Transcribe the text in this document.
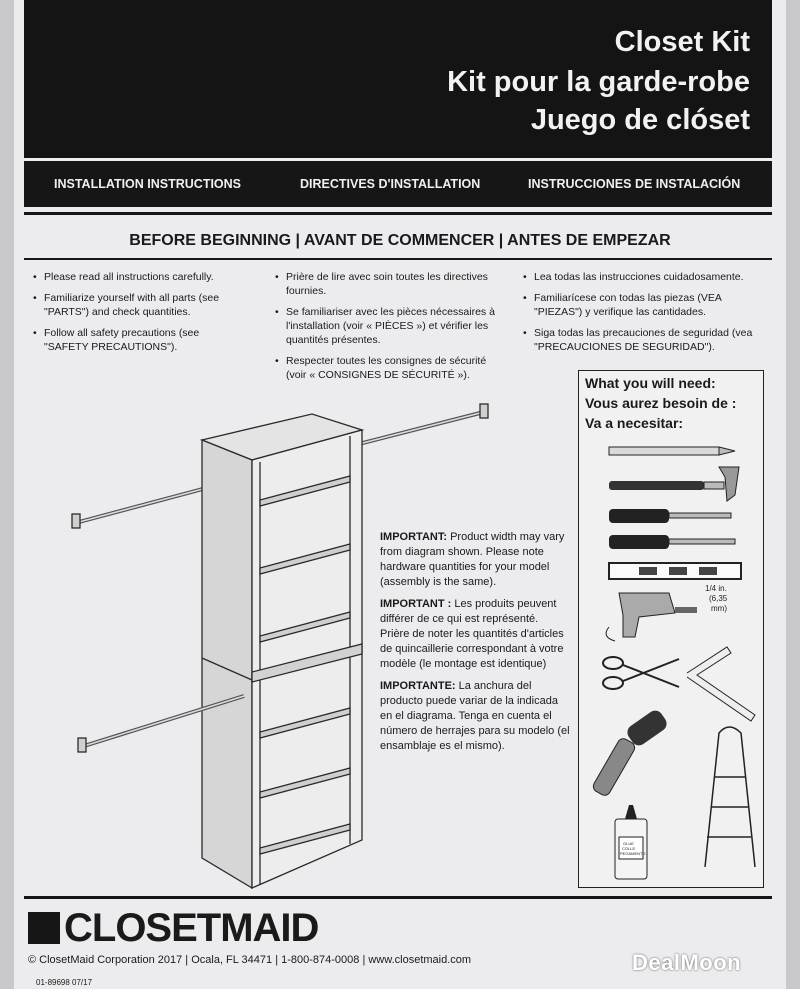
Closet Kit
Kit pour la garde-robe
Juego de clóset
INSTALLATION INSTRUCTIONS	DIRECTIVES D'INSTALLATION	INSTRUCCIONES DE INSTALACIÓN
BEFORE BEGINNING | AVANT DE COMMENCER | ANTES DE EMPEZAR
• Please read all instructions carefully.
• Familiarize yourself with all parts (see "PARTS") and check quantities.
• Follow all safety precautions (see "SAFETY PRECAUTIONS").
• Prière de lire avec soin toutes les directives fournies.
• Se familiariser avec les pièces nécessaires à l'installation (voir « PIÈCES ») et vérifier les quantités présentes.
• Respecter toutes les consignes de sécurité (voir « CONSIGNES DE SÉCURITÉ »).
• Lea todas las instrucciones cuidadosamente.
• Familiarícese con todas las piezas (VEA "PIEZAS") y verifique las cantidades.
• Siga todas las precauciones de seguridad (vea "PRECAUCIONES DE SEGURIDAD").

IMPORTANT: Product width may vary from diagram shown. Please note hardware quantities for your model (assembly is the same).

IMPORTANT : Les produits peuvent différer de ce qui est représenté. Prière de noter les quantités d'articles de quincaillerie correspondant à votre modèle (le montage est identique)

IMPORTANTE: La anchura del producto puede variar de la indicada en el diagrama. Tenga en cuenta el número de herrajes para su modelo (el ensamblaje es el mismo).

What you will need:
Vous aurez besoin de :
Va a necesitar:
1/4 in.
(6,35
mm)
GLUE
COLLE
PEGAMENTO
CLOSETMAID
© ClosetMaid Corporation 2017 | Ocala, FL 34471 | 1-800-874-0008 | www.closetmaid.com
01-89698 07/17
DealMoon
